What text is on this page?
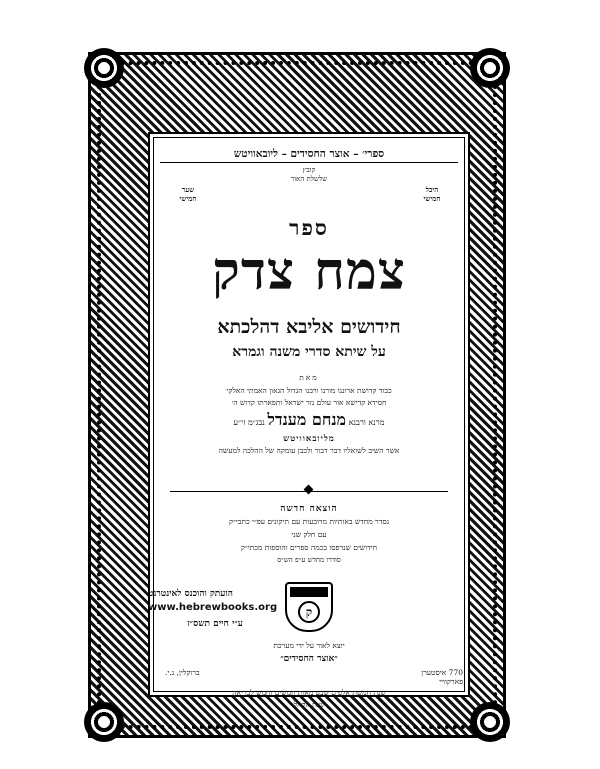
ספרי׳ – אוצר החסידים – ליובאוויטש
קובץ
שלשלת האור
היכל
חמישי
שער
חמישי
ספר
צמח צדק
חידושים אליבא דהלכתא
על שיתא סדרי משנה וגמרא
מאת
כבוד קדושת ארוננו מורנו ורבנו הגדול הגאון האמתי האלקי
חסידא קדישא אור עולם נזר ישראל ותפארתו קדוש ה׳
מרנא ורבנא מנחם מענדל נבג״מ זי״ע
מליובאוויטש
אשר השיב לשואליו דבר דבור ולכבן עומקה של ההלכה למעשה
הוצאה חדשה
נסדר מחדש באותיות מרובעות עם תיקונים עפ״י כתבי״ק
עם חלק שני
חידושים שנדפסו בכמה ספרים והוספות מכתי״ק
סודרו מחדש ע״פ הש״ס
הועתק והוכנס לאינטרנט
www.hebrewbooks.org
ע״י חיים תשס״ז
ק
יוצא לאור על ידי מערכת
״אוצר החסידים״
770 איסטערן פארקוויי
ברוקלין, נ.י.
שנת חמשת אלפים שבע מאות חמשים וחמש לבריאה
שנת הקהל
